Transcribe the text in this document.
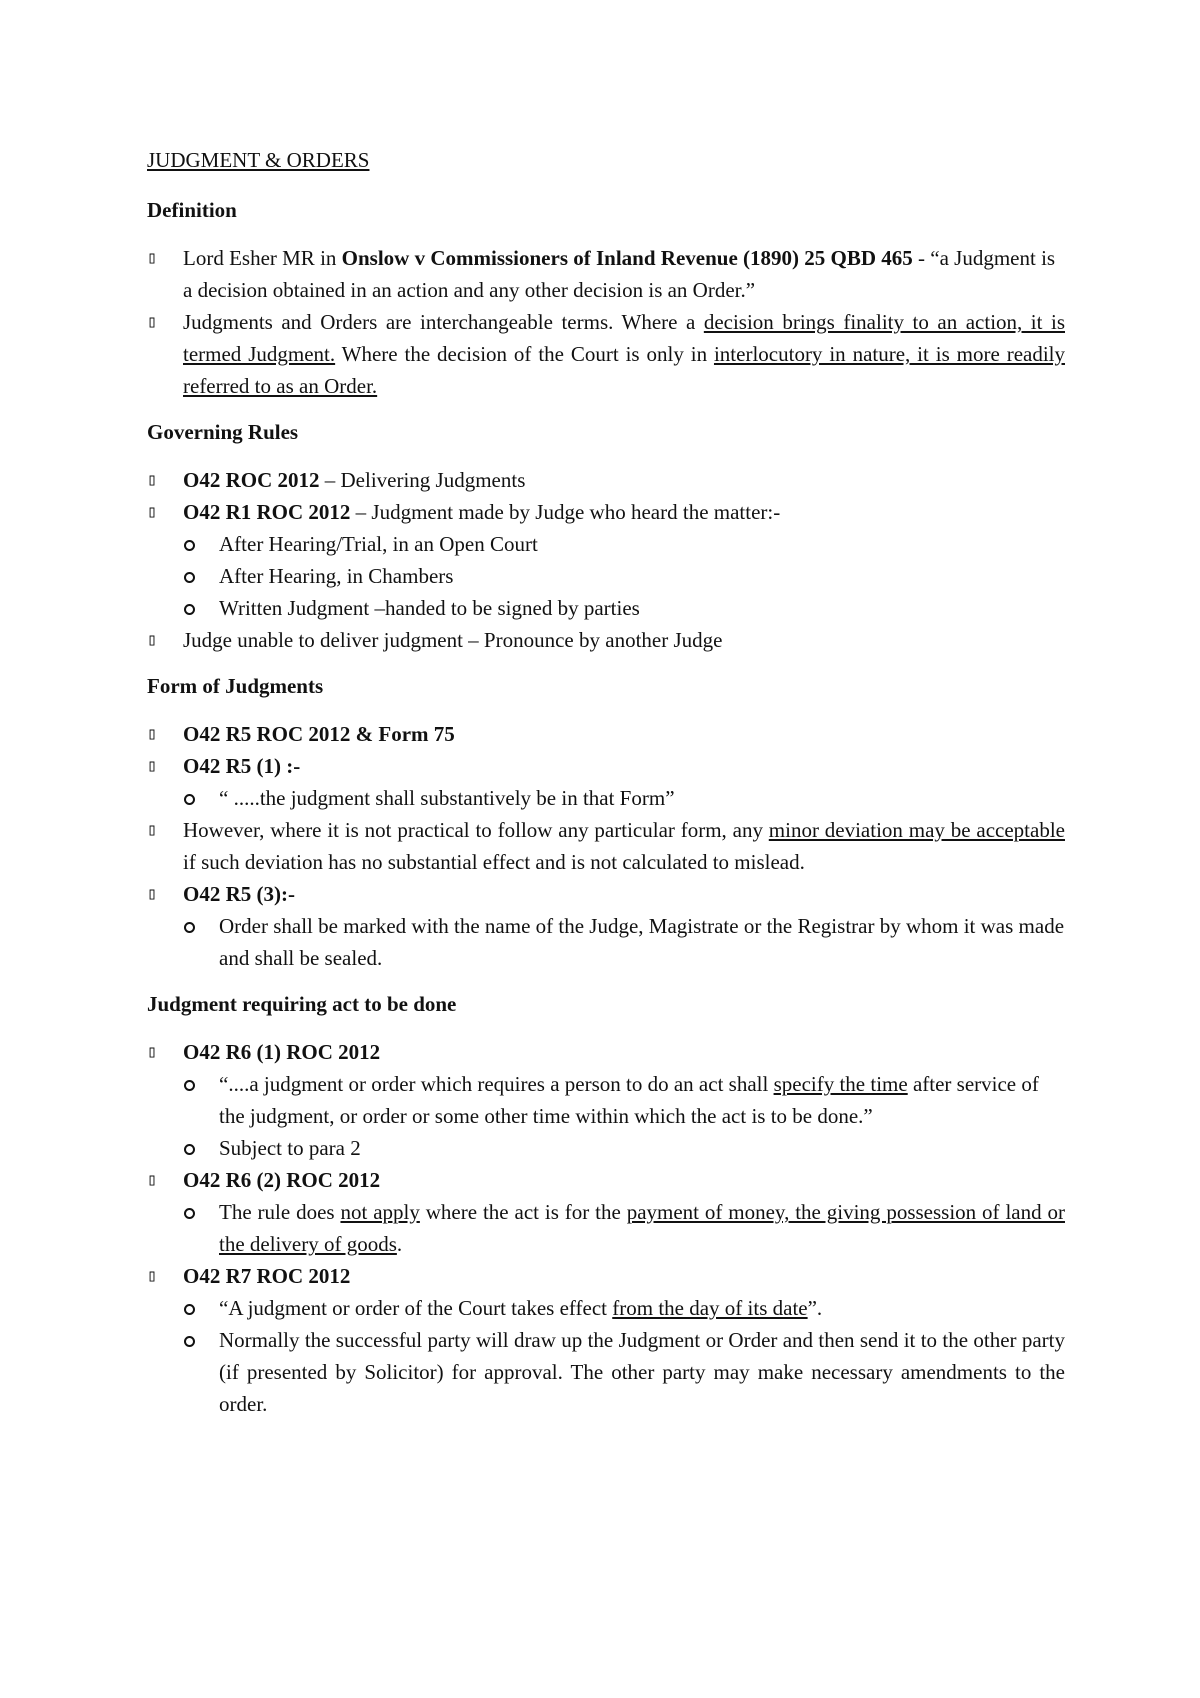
JUDGMENT & ORDERS

Definition

▯ Lord Esher MR in Onslow v Commissioners of Inland Revenue (1890) 25 QBD 465 - “a Judgment is a decision obtained in an action and any other decision is an Order.”
▯ Judgments and Orders are interchangeable terms. Where a decision brings finality to an action, it is termed Judgment. Where the decision of the Court is only in interlocutory in nature, it is more readily referred to as an Order.

Governing Rules

▯ O42 ROC 2012 – Delivering Judgments
▯ O42 R1 ROC 2012 – Judgment made by Judge who heard the matter:-
After Hearing/Trial, in an Open Court
After Hearing, in Chambers
Written Judgment –handed to be signed by parties
▯ Judge unable to deliver judgment – Pronounce by another Judge

Form of Judgments

▯ O42 R5 ROC 2012 & Form 75
▯ O42 R5 (1) :-
“ .....the judgment shall substantively be in that Form”
▯ However, where it is not practical to follow any particular form, any minor deviation may be acceptable if such deviation has no substantial effect and is not calculated to mislead.
▯ O42 R5 (3):-
Order shall be marked with the name of the Judge, Magistrate or the Registrar by whom it was made and shall be sealed.

Judgment requiring act to be done

▯ O42 R6 (1) ROC 2012
“....a judgment or order which requires a person to do an act shall specify the time after service of the judgment, or order or some other time within which the act is to be done.”
Subject to para 2
▯ O42 R6 (2) ROC 2012
The rule does not apply where the act is for the payment of money, the giving possession of land or the delivery of goods.
▯ O42 R7 ROC 2012
“A judgment or order of the Court takes effect from the day of its date”.
Normally the successful party will draw up the Judgment or Order and then send it to the other party (if presented by Solicitor) for approval. The other party may make necessary amendments to the order.
